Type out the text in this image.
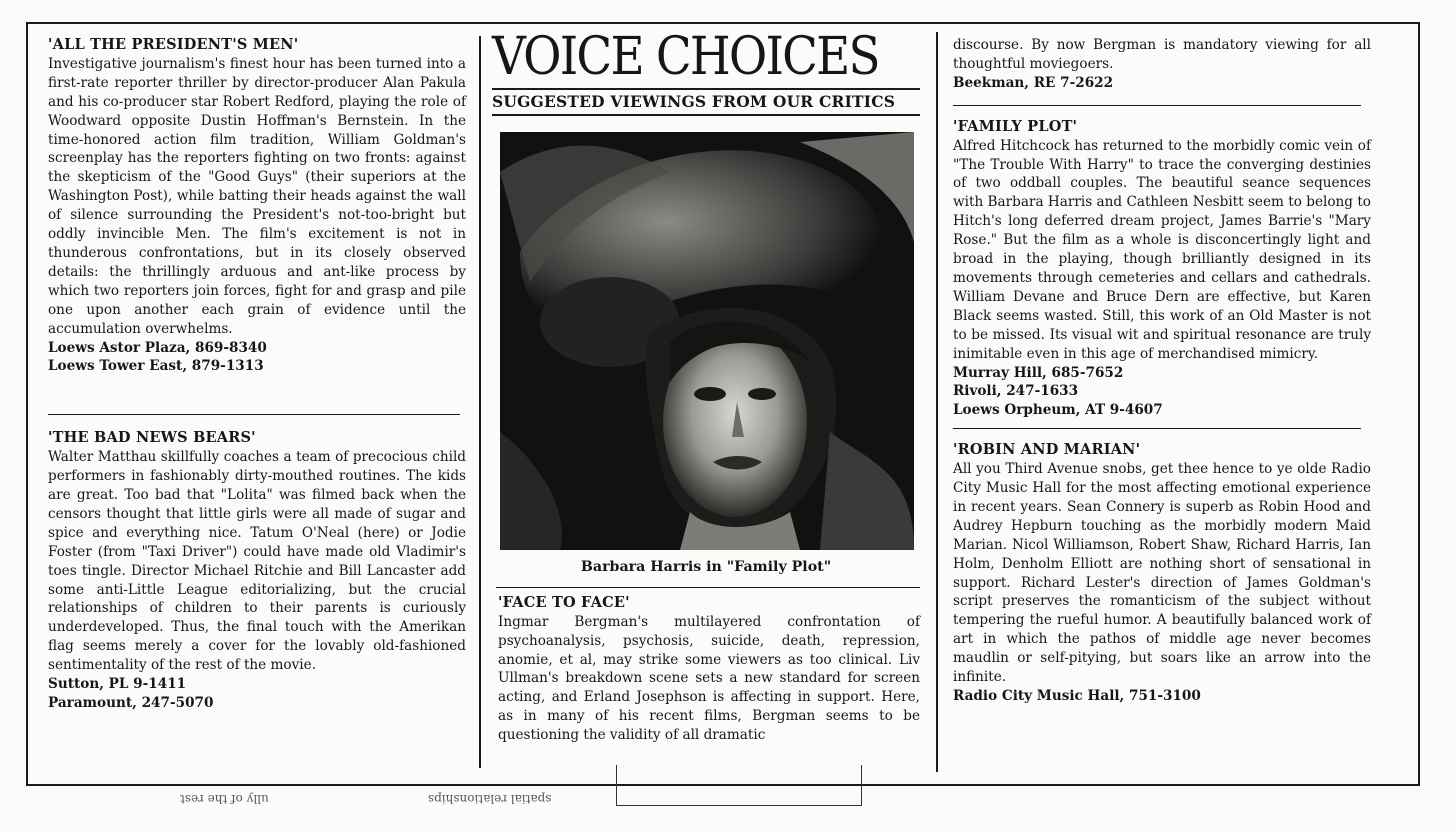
'ALL THE PRESIDENT'S MEN'

Investigative journalism's finest hour has been turned into a first-rate reporter thriller by director-producer Alan Pakula and his co-producer star Robert Redford, playing the role of Woodward opposite Dustin Hoffman's Bernstein. In the time-honored action film tradition, William Goldman's screenplay has the reporters fighting on two fronts: against the skepticism of the "Good Guys" (their superiors at the Washington Post), while batting their heads against the wall of silence surrounding the President's not-too-bright but oddly invincible Men. The film's excitement is not in thunderous confrontations, but in its closely observed details: the thrillingly arduous and ant-like process by which two reporters join forces, fight for and grasp and pile one upon another each grain of evidence until the accumulation overwhelms.

Loews Astor Plaza, 869-8340

Loews Tower East, 879-1313

'THE BAD NEWS BEARS'

Walter Matthau skillfully coaches a team of precocious child performers in fashionably dirty-mouthed routines. The kids are great. Too bad that "Lolita" was filmed back when the censors thought that little girls were all made of sugar and spice and everything nice. Tatum O'Neal (here) or Jodie Foster (from "Taxi Driver") could have made old Vladimir's toes tingle. Director Michael Ritchie and Bill Lancaster add some anti-Little League editorializing, but the crucial relationships of children to their parents is curiously underdeveloped. Thus, the final touch with the Amerikan flag seems merely a cover for the lovably old-fashioned sentimentality of the rest of the movie.

Sutton, PL 9-1411

Paramount, 247-5070

VOICE CHOICES
SUGGESTED VIEWINGS FROM OUR CRITICS
Barbara Harris in "Family Plot"
'FACE TO FACE'

Ingmar Bergman's multilayered confrontation of psychoanalysis, psychosis, suicide, death, repression, anomie, et al, may strike some viewers as too clinical. Liv Ullman's breakdown scene sets a new standard for screen acting, and Erland Josephson is affecting in support. Here, as in many of his recent films, Bergman seems to be questioning the validity of all dramatic

discourse. By now Bergman is mandatory viewing for all thoughtful moviegoers.

Beekman, RE 7-2622

'FAMILY PLOT'

Alfred Hitchcock has returned to the morbidly comic vein of "The Trouble With Harry" to trace the converging destinies of two oddball couples. The beautiful seance sequences with Barbara Harris and Cathleen Nesbitt seem to belong to Hitch's long deferred dream project, James Barrie's "Mary Rose." But the film as a whole is disconcertingly light and broad in the playing, though brilliantly designed in its movements through cemeteries and cellars and cathedrals. William Devane and Bruce Dern are effective, but Karen Black seems wasted. Still, this work of an Old Master is not to be missed. Its visual wit and spiritual resonance are truly inimitable even in this age of merchandised mimicry.

Murray Hill, 685-7652

Rivoli, 247-1633

Loews Orpheum, AT 9-4607

'ROBIN AND MARIAN'

All you Third Avenue snobs, get thee hence to ye olde Radio City Music Hall for the most affecting emotional experience in recent years. Sean Connery is superb as Robin Hood and Audrey Hepburn touching as the morbidly modern Maid Marian. Nicol Williamson, Robert Shaw, Richard Harris, Ian Holm, Denholm Elliott are nothing short of sensational in support. Richard Lester's direction of James Goldman's script preserves the romanticism of the subject without tempering the rueful humor. A beautifully balanced work of art in which the pathos of middle age never becomes maudlin or self-pitying, but soars like an arrow into the infinite.

Radio City Music Hall, 751-3100

ully of the rest	spatial relationships
